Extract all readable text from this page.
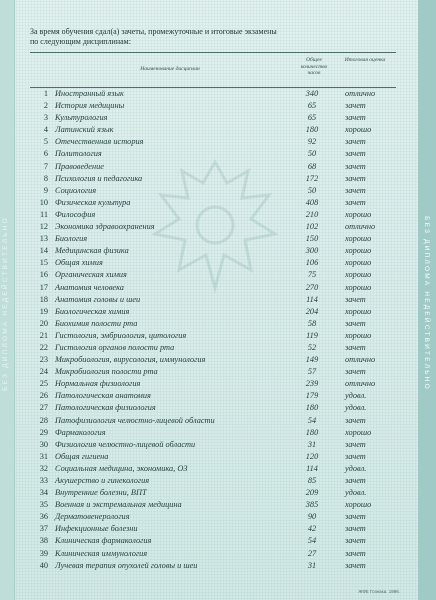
БЕЗ ДИПЛОМА НЕДЕЙСТВИТЕЛЬНО	БЕЗ ДИПЛОМА НЕДЕЙСТВИТЕЛЬНО
За время обучения сдал(а) зачеты, промежуточные и итоговые экзамены по следующим дисциплинам:
Наименование дисциплин
Общее количество часов
Итоговая оценка
1 Иностранный язык	340	отлично
2 История медицины	65	зачет
3 Культурология	65	зачет
4 Латинский язык	180	хорошо
5 Отечественная история	92	зачет
6 Политология	50	зачет
7 Правоведение	68	зачет
8 Психология и педагогика	172	зачет
9 Социология	50	зачет
10 Физическая культура	408	зачет
11 Философия	210	хорошо
12 Экономика здравоохранения	102	отлично
13 Биология	150	хорошо
14 Медицинская физика	300	хорошо
15 Общая химия	106	хорошо
16 Органическая химия	75	хорошо
17 Анатомия человека	270	хорошо
18 Анатомия головы и шеи	114	зачет
19 Биологическая химия	204	хорошо
20 Биохимия полости рта	58	зачет
21 Гистология, эмбриология, цитология	119	хорошо
22 Гистология органов полости рта	52	зачет
23 Микробиология, вирусология, иммунология	149	отлично
24 Микробиология полости рта	57	зачет
25 Нормальная физиология	239	отлично
26 Патологическая анатомия	179	удовл.
27 Патологическая физиология	180	удовл.
28 Патофизиология челюстно-лицевой области	54	зачет
29 Фармакология	180	хорошо
30 Физиология челюстно-лицевой области	31	зачет
31 Общая гигиена	120	зачет
32 Социальная медицина, экономика, ОЗ	114	удовл.
33 Акушерство и гинекология	85	зачет
34 Внутренние болезни, ВПТ	209	удовл.
35 Военная и экстремальная медицина	385	хорошо
36 Дерматовенерология	90	зачет
37 Инфекционные болезни	42	зачет
38 Клиническая фармакология	54	зачет
39 Клиническая иммунология	27	зачет
40 Лучевая терапия опухолей головы и шеи	31	зачет
ЖФЕ Гознака. 1996.
